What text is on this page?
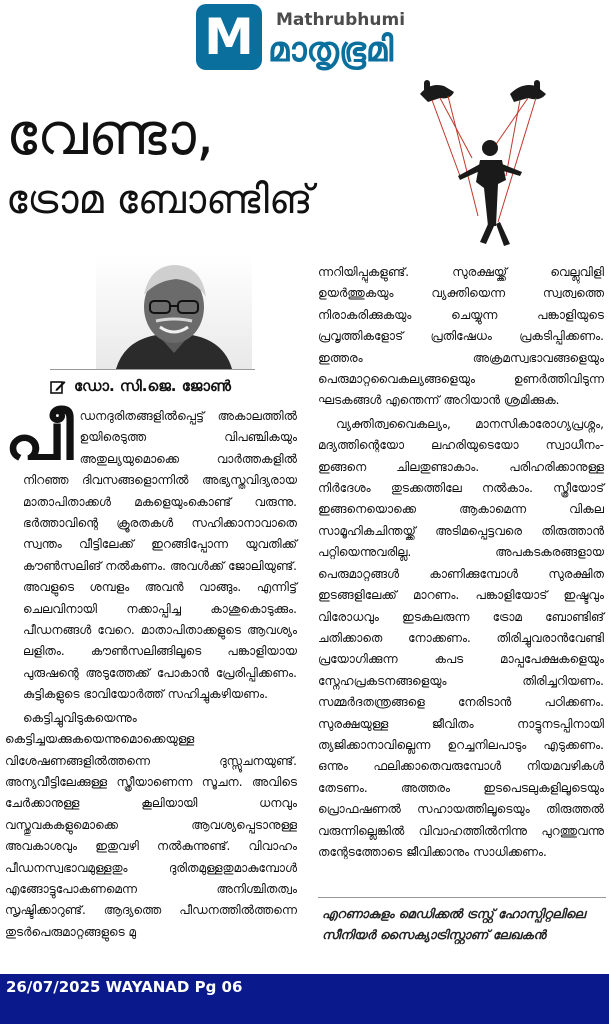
M	Mathrubhumi
മാതൃഭൂമി
വേണ്ടാ,
ട്രോമ ബോണ്ടിങ്
ഡോ. സി.ജെ. ജോൺ

പീഡനദുരിതങ്ങളിൽപ്പെട്ട് അകാലത്തിൽ ഉയിരെടുത്ത വിപഞ്ചികയും അതുല്യയുമൊക്കെ വാർത്തകളിൽ നിറഞ്ഞ ദിവസങ്ങളൊന്നിൽ അഭ്യസ്തവിദ്യരായ മാതാപിതാക്കൾ മകളെയുംകൊണ്ട് വരുന്നു. ഭർത്താവിന്റെ ക്രൂരതകൾ സഹിക്കാനാവാതെ സ്വന്തം വീട്ടിലേക്ക് ഇറങ്ങിപ്പോന്ന യുവതിക്ക് കൗൺസലിങ് നൽകണം. അവൾക്ക് ജോലിയുണ്ട്. അവളുടെ ശമ്പളം അവൻ വാങ്ങും. എന്നിട്ട് ചെലവിനായി നക്കാപ്പിച്ച കാശുകൊടുക്കും. പീഡനങ്ങൾ വേറെ. മാതാപിതാക്കളുടെ ആവശ്യം ലളിതം. കൗൺസലിങ്ങിലൂടെ പങ്കാളിയായ പുരുഷന്റെ അടുത്തേക്ക് പോകാൻ പ്രേരിപ്പിക്കണം. കുട്ടികളുടെ ഭാവിയോർത്ത് സഹിച്ചുകഴിയണം.

കെട്ടിച്ചുവിടുകയെന്നും കെട്ടിച്ചയക്കുകയെന്നുമൊക്കെയുള്ള വിശേഷണങ്ങളിൽത്തന്നെ ദുസ്സൂചനയുണ്ട്. അന്യവീട്ടിലേക്കുള്ള സ്ത്രീയാണെന്ന സൂചന. അവിടെ ചേർക്കാനുള്ള കൂലിയായി ധനവും വസ്തുവകകളുമൊക്കെ ആവശ്യപ്പെടാനുള്ള അവകാശവും ഇതുവഴി നൽകുന്നുണ്ട്. വിവാഹം പീഡനസ്വഭാവമുള്ളതും ദുരിതമുള്ളതുമാകുമ്പോൾ എങ്ങോട്ടുപോകണമെന്ന അനിശ്ചിതത്വം സൃഷ്ടിക്കാറുണ്ട്. ആദ്യത്തെ പീഡനത്തിൽത്തന്നെ തുടർപെരുമാറ്റങ്ങളുടെ മു

ന്നറിയിപ്പുകളുണ്ട്. സുരക്ഷയ്ക്ക് വെല്ലുവിളി ഉയർത്തുകയും വ്യക്തിയെന്ന സ്വത്വത്തെ നിരാകരിക്കുകയും ചെയ്യുന്ന പങ്കാളിയുടെ പ്രവൃത്തികളോട് പ്രതിഷേധം പ്രകടിപ്പിക്കണം. ഇത്തരം അക്രമസ്വഭാവങ്ങളെയും പെരുമാറ്റവൈകല്യങ്ങളെയും ഉണർത്തിവിടുന്ന ഘടകങ്ങൾ എന്തെന്ന് അറിയാൻ ശ്രമിക്കുക.

വ്യക്തിത്വവൈകല്യം, മാനസികാരോഗ്യപ്രശ്നം, മദ്യത്തിന്റെയോ ലഹരിയുടെയോ സ്വാധീനം- ഇങ്ങനെ ചിലതുണ്ടാകാം. പരിഹരിക്കാനുള്ള നിർദേശം തുടക്കത്തിലേ നൽകാം. സ്ത്രീയോട് ഇങ്ങനെയൊക്കെ ആകാമെന്ന വികല സാമൂഹികചിന്തയ്ക്ക് അടിമപ്പെട്ടവരെ തിരുത്താൻ പറ്റിയെന്നുവരില്ല. അപകടകരങ്ങളായ പെരുമാറ്റങ്ങൾ കാണിക്കുമ്പോൾ സുരക്ഷിത ഇടങ്ങളിലേക്ക് മാറണം. പങ്കാളിയോട് ഇഷ്ടവും വിരോധവും ഇടകലരുന്ന ട്രോമ ബോണ്ടിങ് ചതിക്കാതെ നോക്കണം. തിരിച്ചുവരാൻവേണ്ടി പ്രയോഗിക്കുന്ന കപട മാപ്പപേക്ഷകളെയും സ്നേഹപ്രകടനങ്ങളെയും തിരിച്ചറിയണം. സമ്മർദതന്ത്രങ്ങളെ നേരിടാൻ പഠിക്കണം. സുരക്ഷയുള്ള ജീവിതം നാട്ടുനടപ്പിനായി ത്യജിക്കാനാവില്ലെന്ന ഉറച്ചനിലപാടും എടുക്കണം. ഒന്നും ഫലിക്കാതെവരുമ്പോൾ നിയമവഴികൾ തേടണം. അത്തരം ഇടപെടലുകളിലൂടെയും പ്രൊഫഷണൽ സഹായത്തിലൂടെയും തിരുത്തൽ വരുന്നില്ലെങ്കിൽ വിവാഹത്തിൽനിന്നു പുറത്തുവന്നു തന്റേടത്തോടെ ജീവിക്കാനും സാധിക്കണം.

എറണാകുളം മെഡിക്കൽ ട്രസ്റ്റ് ഹോസ്പിറ്റലിലെ സീനിയർ സൈക്യാട്രിസ്റ്റാണ് ലേഖകൻ
26/07/2025 WAYANAD Pg 06
